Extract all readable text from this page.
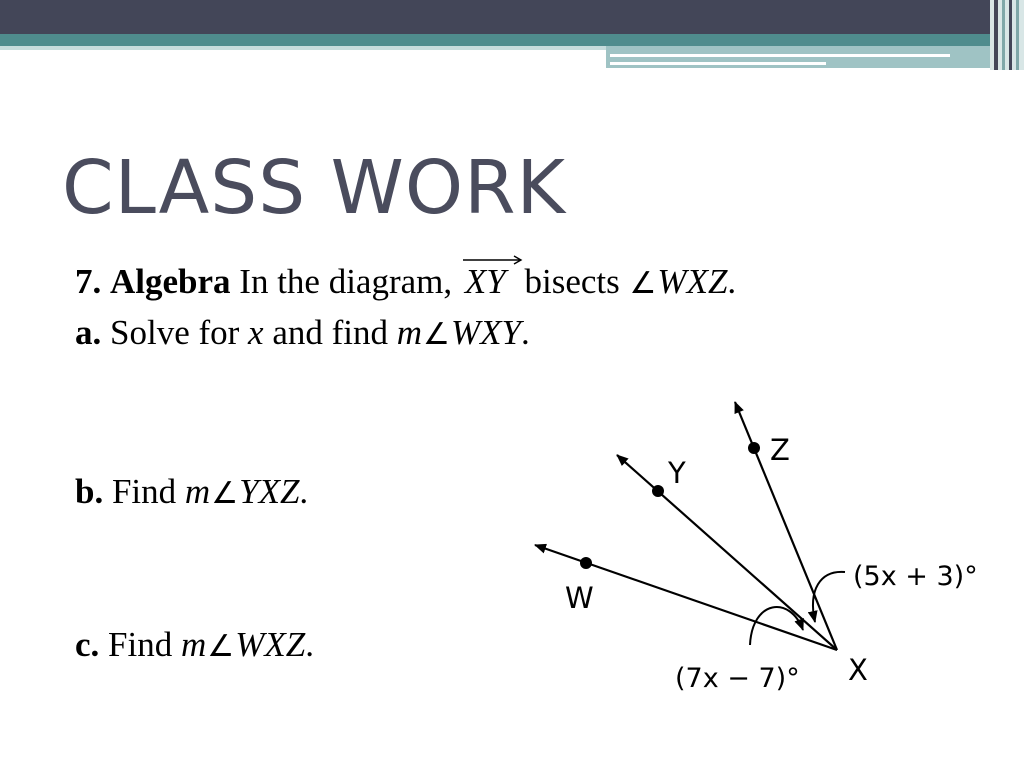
CLASS WORK
7. Algebra In the diagram, XY bisects ∠WXZ.
a. Solve for x and find m∠WXY.
b. Find m∠YXZ.
c. Find m∠WXZ.
W
Y
Z
X
(5x + 3)°
(7x − 7)°
